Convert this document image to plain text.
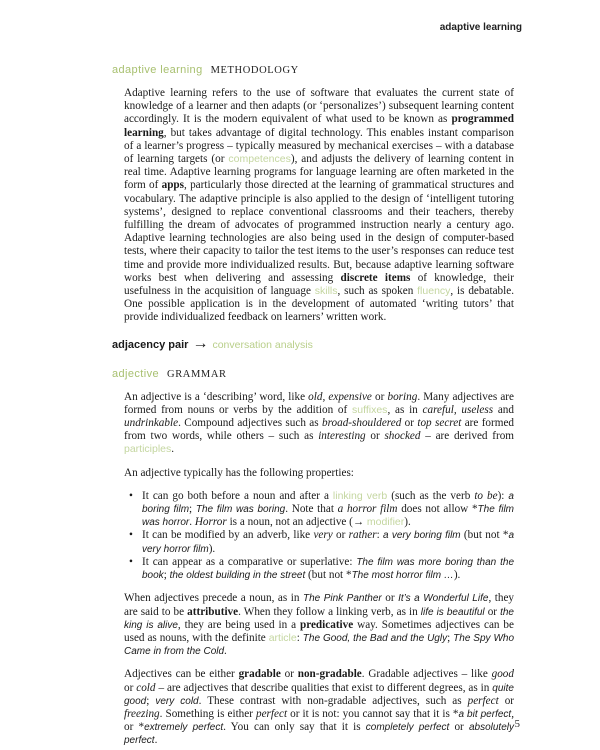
adaptive learning

adaptive learning METHODOLOGY

Adaptive learning refers to the use of software that evaluates the current state of knowledge of a learner and then adapts (or ‘personalizes’) subsequent learning content accordingly. It is the modern equivalent of what used to be known as programmed learning, but takes advantage of digital technology. This enables instant comparison of a learner’s progress – typically measured by mechanical exercises – with a database of learning targets (or competences), and adjusts the delivery of learning content in real time. Adaptive learning programs for language learning are often marketed in the form of apps, particularly those directed at the learning of grammatical structures and vocabulary. The adaptive principle is also applied to the design of ‘intelligent tutoring systems’, designed to replace conventional classrooms and their teachers, thereby fulfilling the dream of advocates of programmed instruction nearly a century ago. Adaptive learning technologies are also being used in the design of computer-based tests, where their capacity to tailor the test items to the user’s responses can reduce test time and provide more individualized results. But, because adaptive learning software works best when delivering and assessing discrete items of knowledge, their usefulness in the acquisition of language skills, such as spoken fluency, is debatable. One possible application is in the development of automated ‘writing tutors’ that provide individualized feedback on learners’ written work.

adjacency pair → conversation analysis

adjective GRAMMAR

An adjective is a ‘describing’ word, like old, expensive or boring. Many adjectives are formed from nouns or verbs by the addition of suffixes, as in careful, useless and undrinkable. Compound adjectives such as broad-shouldered or top secret are formed from two words, while others – such as interesting or shocked – are derived from participles.

An adjective typically has the following properties:

• It can go both before a noun and after a linking verb (such as the verb to be): a boring film; The film was boring. Note that a horror film does not allow *The film was horror. Horror is a noun, not an adjective (→ modifier).
• It can be modified by an adverb, like very or rather: a very boring film (but not *a very horror film).
• It can appear as a comparative or superlative: The film was more boring than the book; the oldest building in the street (but not *The most horror film …).

When adjectives precede a noun, as in The Pink Panther or It’s a Wonderful Life, they are said to be attributive. When they follow a linking verb, as in life is beautiful or the king is alive, they are being used in a predicative way. Sometimes adjectives can be used as nouns, with the definite article: The Good, the Bad and the Ugly; The Spy Who Came in from the Cold.

Adjectives can be either gradable or non-gradable. Gradable adjectives – like good or cold – are adjectives that describe qualities that exist to different degrees, as in quite good; very cold. These contrast with non-gradable adjectives, such as perfect or freezing. Something is either perfect or it is not: you cannot say that it is *a bit perfect, or *extremely perfect. You can only say that it is completely perfect or absolutely perfect.

5
